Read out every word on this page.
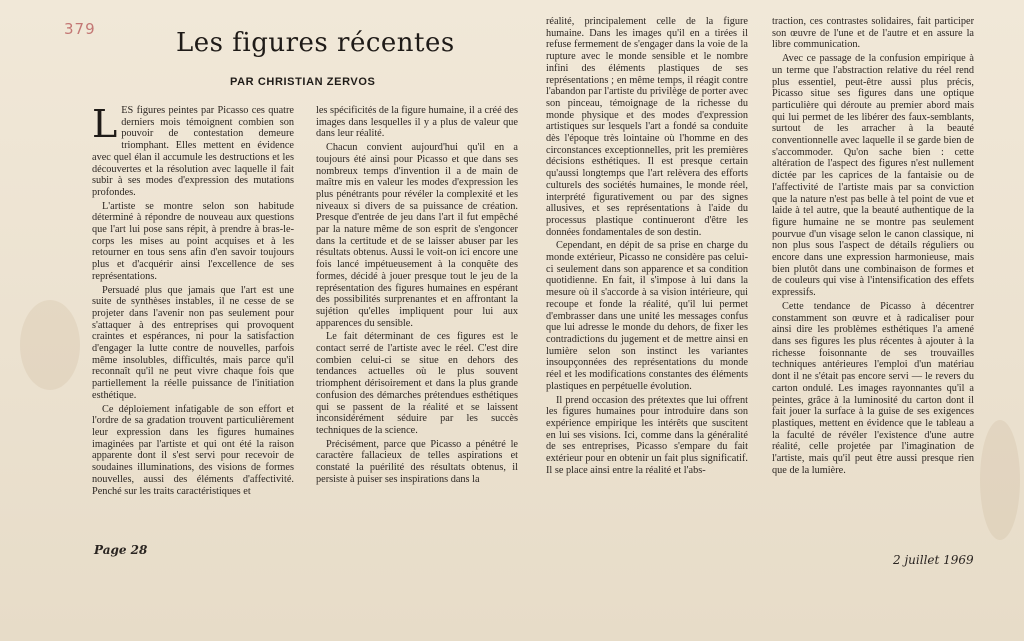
379	Les figures récentes
PAR CHRISTIAN ZERVOS

LES figures peintes par Picasso ces quatre derniers mois témoignent combien son pouvoir de contestation demeure triomphant. Elles mettent en évidence avec quel élan il accumule les destructions et les découvertes et la résolution avec laquelle il fait subir à ses modes d'expression des mutations profondes.

L'artiste se montre selon son habitude déterminé à répondre de nouveau aux questions que l'art lui pose sans répit, à prendre à bras-le-corps les mises au point acquises et à les retourner en tous sens afin d'en savoir toujours plus et d'acquérir ainsi l'excellence de ses représentations.

Persuadé plus que jamais que l'art est une suite de synthèses instables, il ne cesse de se projeter dans l'avenir non pas seulement pour s'attaquer à des entreprises qui provoquent craintes et espérances, ni pour la satisfaction d'engager la lutte contre de nouvelles, parfois même insolubles, difficultés, mais parce qu'il reconnaît qu'il ne peut vivre chaque fois que partiellement la réelle puissance de l'initiation esthétique.

Ce déploiement infatigable de son effort et l'ordre de sa gradation trouvent particulièrement leur expression dans les figures humaines imaginées par l'artiste et qui ont été la raison apparente dont il s'est servi pour recevoir de soudaines illuminations, des visions de formes nouvelles, aussi des éléments d'affectivité. Penché sur les traits caractéristiques et

les spécificités de la figure humaine, il a créé des images dans lesquelles il y a plus de valeur que dans leur réalité.

Chacun convient aujourd'hui qu'il en a toujours été ainsi pour Picasso et que dans ses nombreux temps d'invention il a de main de maître mis en valeur les modes d'expression les plus pénétrants pour révéler la complexité et les niveaux si divers de sa puissance de création. Presque d'entrée de jeu dans l'art il fut empêché par la nature même de son esprit de s'engoncer dans la certitude et de se laisser abuser par les résultats obtenus. Aussi le voit-on ici encore une fois lancé impétueusement à la conquête des formes, décidé à jouer presque tout le jeu de la représentation des figures humaines en espérant des possibilités surprenantes et en affrontant la sujétion qu'elles impliquent pour lui aux apparences du sensible.

Le fait déterminant de ces figures est le contact serré de l'artiste avec le réel. C'est dire combien celui-ci se situe en dehors des tendances actuelles où le plus souvent triomphent dérisoirement et dans la plus grande confusion des démarches prétendues esthétiques qui se passent de la réalité et se laissent inconsidérément séduire par les succès techniques de la science.

Précisément, parce que Picasso a pénétré le caractère fallacieux de telles aspirations et constaté la puérilité des résultats obtenus, il persiste à puiser ses inspirations dans la

réalité, principalement celle de la figure humaine. Dans les images qu'il en a tirées il refuse fermement de s'engager dans la voie de la rupture avec le monde sensible et le nombre infini des éléments plastiques de ses représentations ; en même temps, il réagit contre l'abandon par l'artiste du privilège de porter avec son pinceau, témoignage de la richesse du monde physique et des modes d'expression artistiques sur lesquels l'art a fondé sa conduite dès l'époque très lointaine où l'homme en des circonstances exceptionnelles, prit les premières décisions esthétiques. Il est presque certain qu'aussi longtemps que l'art relèvera des efforts culturels des sociétés humaines, le monde réel, interprété figurativement ou par des signes allusives, et ses représentations à l'aide du processus plastique continueront d'être les données fondamentales de son destin.

Cependant, en dépit de sa prise en charge du monde extérieur, Picasso ne considère pas celui-ci seulement dans son apparence et sa condition quotidienne. En fait, il s'impose à lui dans la mesure où il s'accorde à sa vision intérieure, qui recoupe et fonde la réalité, qu'il lui permet d'embrasser dans une unité les messages confus que lui adresse le monde du dehors, de fixer les contradictions du jugement et de mettre ainsi en lumière selon son instinct les variantes insoupçonnées des représentations du monde réel et les modifications constantes des éléments plastiques en perpétuelle évolution.

Il prend occasion des prétextes que lui offrent les figures humaines pour introduire dans son expérience empirique les intérêts que suscitent en lui ses visions. Ici, comme dans la généralité de ses entreprises, Picasso s'empare du fait extérieur pour en obtenir un fait plus significatif. Il se place ainsi entre la réalité et l'abs-

traction, ces contrastes solidaires, fait participer son œuvre de l'une et de l'autre et en assure la libre communication.

Avec ce passage de la confusion empirique à un terme que l'abstraction relative du réel rend plus essentiel, peut-être aussi plus précis, Picasso situe ses figures dans une optique particulière qui déroute au premier abord mais qui lui permet de les libérer des faux-semblants, surtout de les arracher à la beauté conventionnelle avec laquelle il se garde bien de s'accommoder. Qu'on sache bien : cette altération de l'aspect des figures n'est nullement dictée par les caprices de la fantaisie ou de l'affectivité de l'artiste mais par sa conviction que la nature n'est pas belle à tel point de vue et laide à tel autre, que la beauté authentique de la figure humaine ne se montre pas seulement pourvue d'un visage selon le canon classique, ni non plus sous l'aspect de détails réguliers ou encore dans une expression harmonieuse, mais bien plutôt dans une combinaison de formes et de couleurs qui vise à l'intensification des effets expressifs.

Cette tendance de Picasso à décentrer constamment son œuvre et à radicaliser pour ainsi dire les problèmes esthétiques l'a amené dans ses figures les plus récentes à ajouter à la richesse foisonnante de ses trouvailles techniques antérieures l'emploi d'un matériau dont il ne s'était pas encore servi — le revers du carton ondulé. Les images rayonnantes qu'il a peintes, grâce à la luminosité du carton dont il fait jouer la surface à la guise de ses exigences plastiques, mettent en évidence que le tableau a la faculté de révéler l'existence d'une autre réalité, celle projetée par l'imagination de l'artiste, mais qu'il peut être aussi presque rien que de la lumière.

Page 28
2 juillet 1969
